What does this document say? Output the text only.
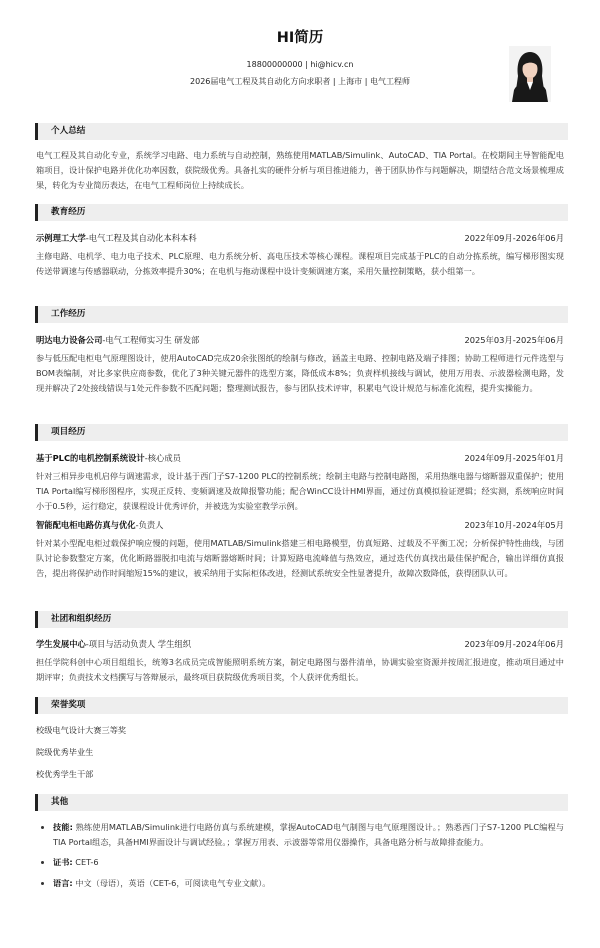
HI简历
18800000000 | hi@hicv.cn
2026届电气工程及其自动化方向求职者 | 上海市 | 电气工程师
个人总结

电气工程及其自动化专业，系统学习电路、电力系统与自动控制，熟练使用MATLAB/Simulink、AutoCAD、TIA Portal。在校期间主导智能配电箱项目，设计保护电路并优化功率因数，获院级优秀。具备扎实的硬件分析与项目推进能力，善于团队协作与问题解决，期望结合范文场景梳理成果，转化为专业简历表达，在电气工程师岗位上持续成长。

教育经历
示例理工大学-电气工程及其自动化本科本科	2022年09月-2026年06月

主修电路、电机学、电力电子技术、PLC原理、电力系统分析、高电压技术等核心课程。课程项目完成基于PLC的自动分拣系统，编写梯形图实现传送带调速与传感器联动，分拣效率提升30%；在电机与拖动课程中设计变频调速方案，采用矢量控制策略，获小组第一。

工作经历
明达电力设备公司-电气工程师实习生 研发部	2025年03月-2025年06月

参与低压配电柜电气原理图设计，使用AutoCAD完成20余张图纸的绘制与修改，涵盖主电路、控制电路及端子排图；协助工程师进行元件选型与BOM表编制，对比多家供应商参数，优化了3种关键元器件的选型方案，降低成本8%；负责样机接线与调试，使用万用表、示波器检测电路，发现并解决了2处接线错误与1处元件参数不匹配问题；整理测试报告，参与团队技术评审，积累电气设计规范与标准化流程，提升实操能力。

项目经历
基于PLC的电机控制系统设计-核心成员	2024年09月-2025年01月

针对三相异步电机启停与调速需求，设计基于西门子S7-1200 PLC的控制系统；绘制主电路与控制电路图，采用热继电器与熔断器双重保护；使用TIA Portal编写梯形图程序，实现正反转、变频调速及故障报警功能；配合WinCC设计HMI界面，通过仿真模拟验证逻辑；经实测，系统响应时间小于0.5秒，运行稳定，获课程设计优秀评价，并被选为实验室教学示例。

智能配电柜电路仿真与优化-负责人	2023年10月-2024年05月

针对某小型配电柜过载保护响应慢的问题，使用MATLAB/Simulink搭建三相电路模型，仿真短路、过载及不平衡工况；分析保护特性曲线，与团队讨论参数整定方案，优化断路器脱扣电流与熔断器熔断时间；计算短路电流峰值与热效应，通过迭代仿真找出最佳保护配合，输出详细仿真报告，提出将保护动作时间缩短15%的建议，被采纳用于实际柜体改进，经测试系统安全性显著提升，故障次数降低，获得团队认可。

社团和组织经历
学生发展中心-项目与活动负责人 学生组织	2023年09月-2024年06月

担任学院科创中心项目组组长，统筹3名成员完成智能照明系统方案，制定电路图与器件清单，协调实验室资源并按周汇报进度，推动项目通过中期评审；负责技术文档撰写与答辩展示，最终项目获院级优秀项目奖，个人获评优秀组长。

荣誉奖项
校级电气设计大赛三等奖
院级优秀毕业生
校优秀学生干部
其他
• 技能: 熟练使用MATLAB/Simulink进行电路仿真与系统建模，掌握AutoCAD电气制图与电气原理图设计。；熟悉西门子S7-1200 PLC编程与TIA Portal组态，具备HMI界面设计与调试经验。；掌握万用表、示波器等常用仪器操作，具备电路分析与故障排查能力。
• 证书: CET-6
• 语言: 中文（母语），英语（CET-6，可阅读电气专业文献）。
